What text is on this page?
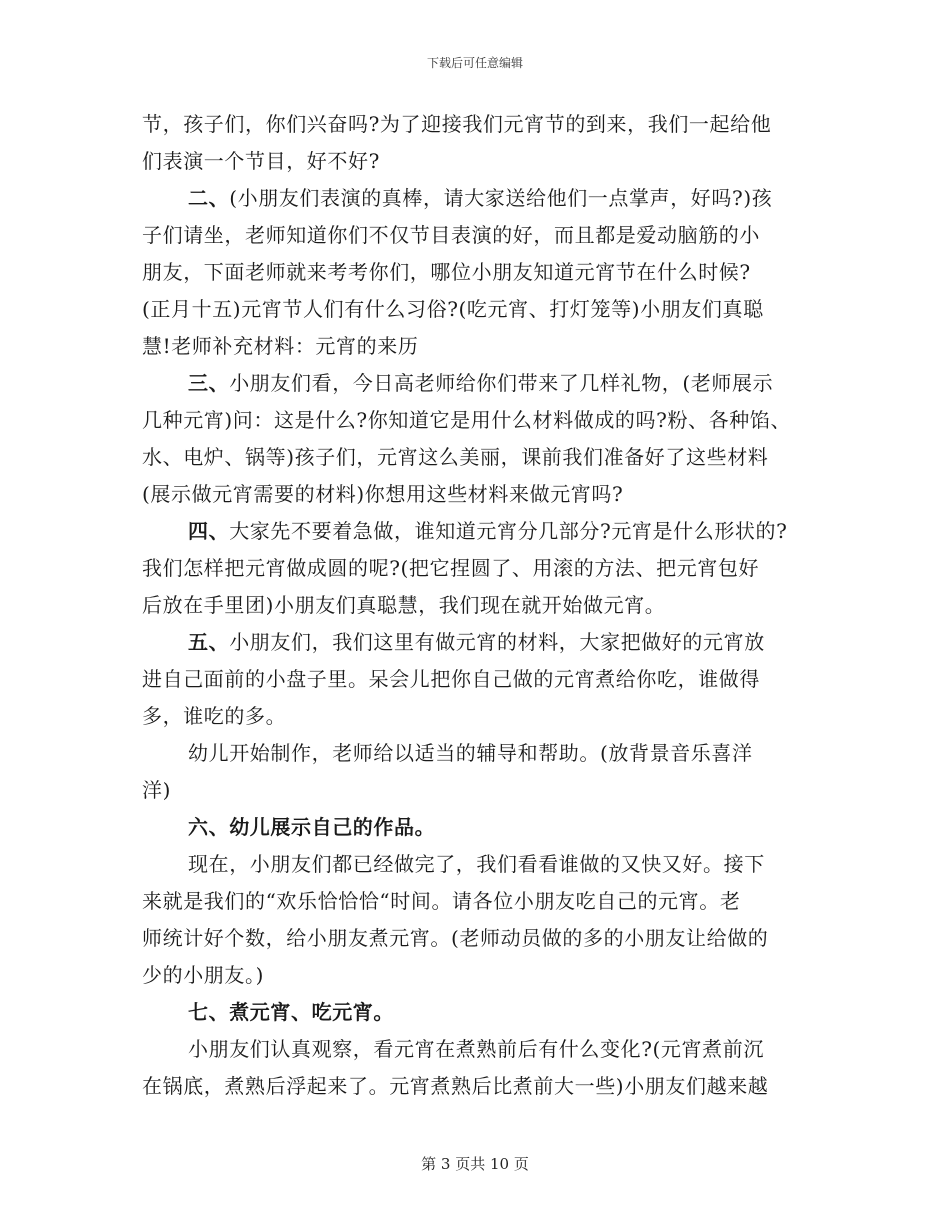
下载后可任意编辑
节，孩子们，你们兴奋吗?为了迎接我们元宵节的到来，我们一起给他
们表演一个节目，好不好?
二、(小朋友们表演的真棒，请大家送给他们一点掌声，好吗?)孩
子们请坐，老师知道你们不仅节目表演的好，而且都是爱动脑筋的小
朋友，下面老师就来考考你们，哪位小朋友知道元宵节在什么时候?
(正月十五)元宵节人们有什么习俗?(吃元宵、打灯笼等)小朋友们真聪
慧!老师补充材料：元宵的来历
三、小朋友们看，今日高老师给你们带来了几样礼物，(老师展示
几种元宵)问：这是什么?你知道它是用什么材料做成的吗?粉、各种馅、
水、电炉、锅等)孩子们，元宵这么美丽，课前我们准备好了这些材料
(展示做元宵需要的材料)你想用这些材料来做元宵吗?
四、大家先不要着急做，谁知道元宵分几部分?元宵是什么形状的?
我们怎样把元宵做成圆的呢?(把它捏圆了、用滚的方法、把元宵包好
后放在手里团)小朋友们真聪慧，我们现在就开始做元宵。
五、小朋友们，我们这里有做元宵的材料，大家把做好的元宵放
进自己面前的小盘子里。呆会儿把你自己做的元宵煮给你吃，谁做得
多，谁吃的多。
幼儿开始制作，老师给以适当的辅导和帮助。(放背景音乐喜洋
洋)
六、幼儿展示自己的作品。
现在，小朋友们都已经做完了，我们看看谁做的又快又好。接下
来就是我们的“欢乐恰恰恰“时间。请各位小朋友吃自己的元宵。老
师统计好个数，给小朋友煮元宵。(老师动员做的多的小朋友让给做的
少的小朋友。)
七、煮元宵、吃元宵。
小朋友们认真观察，看元宵在煮熟前后有什么变化?(元宵煮前沉
在锅底，煮熟后浮起来了。元宵煮熟后比煮前大一些)小朋友们越来越
第 3 页共 10 页
